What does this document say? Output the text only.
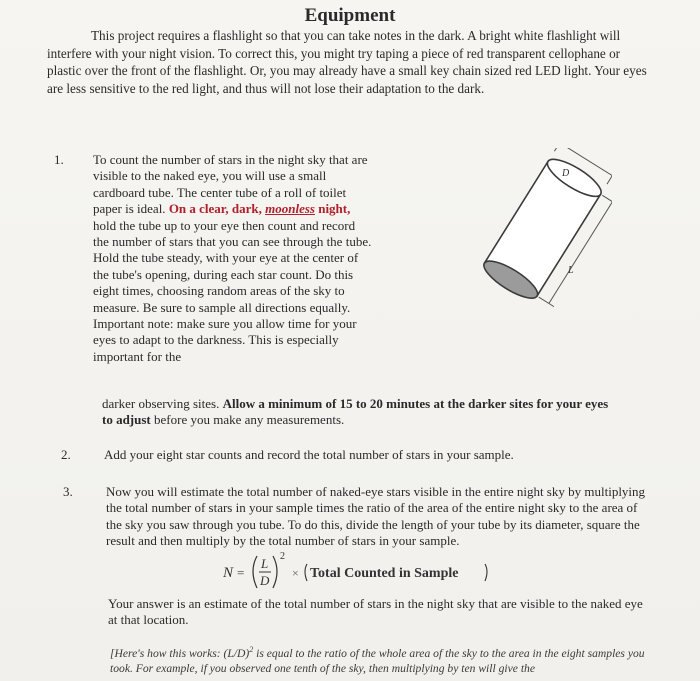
Equipment
This project requires a flashlight so that you can take notes in the dark. A bright white flashlight will interfere with your night vision. To correct this, you might try taping a piece of red transparent cellophane or plastic over the front of the flashlight. Or, you may already have a small key chain sized red LED light. Your eyes are less sensitive to the red light, and thus will not lose their adaptation to the dark.
1. To count the number of stars in the night sky that are visible to the naked eye, you will use a small cardboard tube. The center tube of a roll of toilet paper is ideal. On a clear, dark, moonless night, hold the tube up to your eye then count and record the number of stars that you can see through the tube. Hold the tube steady, with your eye at the center of the tube's opening, during each star count. Do this eight times, choosing random areas of the sky to measure. Be sure to sample all directions equally. Important note: make sure you allow time for your eyes to adapt to the darkness. This is especially important for the
darker observing sites. Allow a minimum of 15 to 20 minutes at the darker sites for your eyes
to adjust before you make any measurements.
D
L
2.	Add your eight star counts and record the total number of stars in your sample.
3.	Now you will estimate the total number of naked-eye stars visible in the entire night sky by multiplying the total number of stars in your sample times the ratio of the area of the entire night sky to the area of the sky you saw through you tube. To do this, divide the length of your tube by its diameter, square the result and then multiply by the total number of stars in your sample.
N =
L
D
2
× Total Counted in Sample
Your answer is an estimate of the total number of stars in the night sky that are visible to the naked eye at that location.
[Here's how this works: $(L/D)^2$ is equal to the ratio of the whole area of the sky to the area in the eight samples you took. For example, if you observed one tenth of the sky, then multiplying by ten will give the
